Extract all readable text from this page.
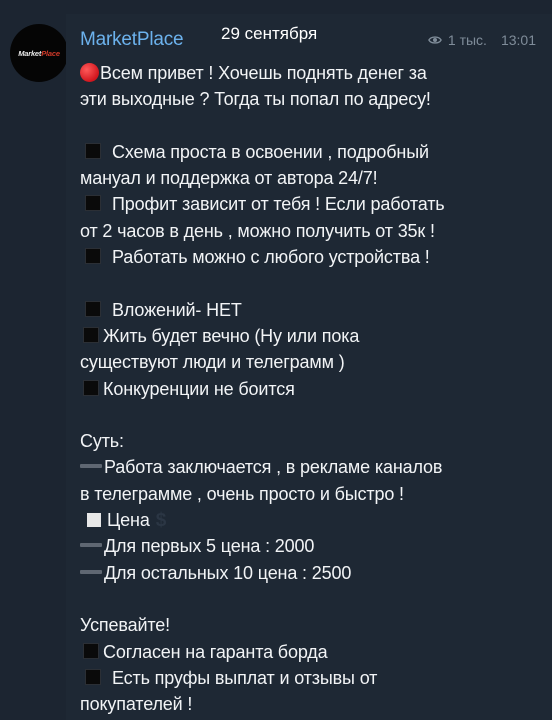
MarketPlace
MarketPlace 29 сентября	1 тыс. 13:01
Всем привет ! Хочешь поднять денег за
эти выходные ? Тогда ты попал по адресу!
Схема проста в освоении , подробный
мануал и поддержка от автора 24/7!
Профит зависит от тебя ! Если работать
от 2 часов в день , можно получить от 35к !
Работать можно с любого устройства !
Вложений- НЕТ
Жить будет вечно (Ну или пока
существуют люди и телеграмм )
Конкуренции не боится
Суть:
Работа заключается , в рекламе каналов
в телеграмме , очень просто и быстро !
Цена $
Для первых 5 цена : 2000
Для остальных 10 цена : 2500
Успевайте!
Согласен на гаранта борда
Есть пруфы выплат и отзывы от
покупателей !
